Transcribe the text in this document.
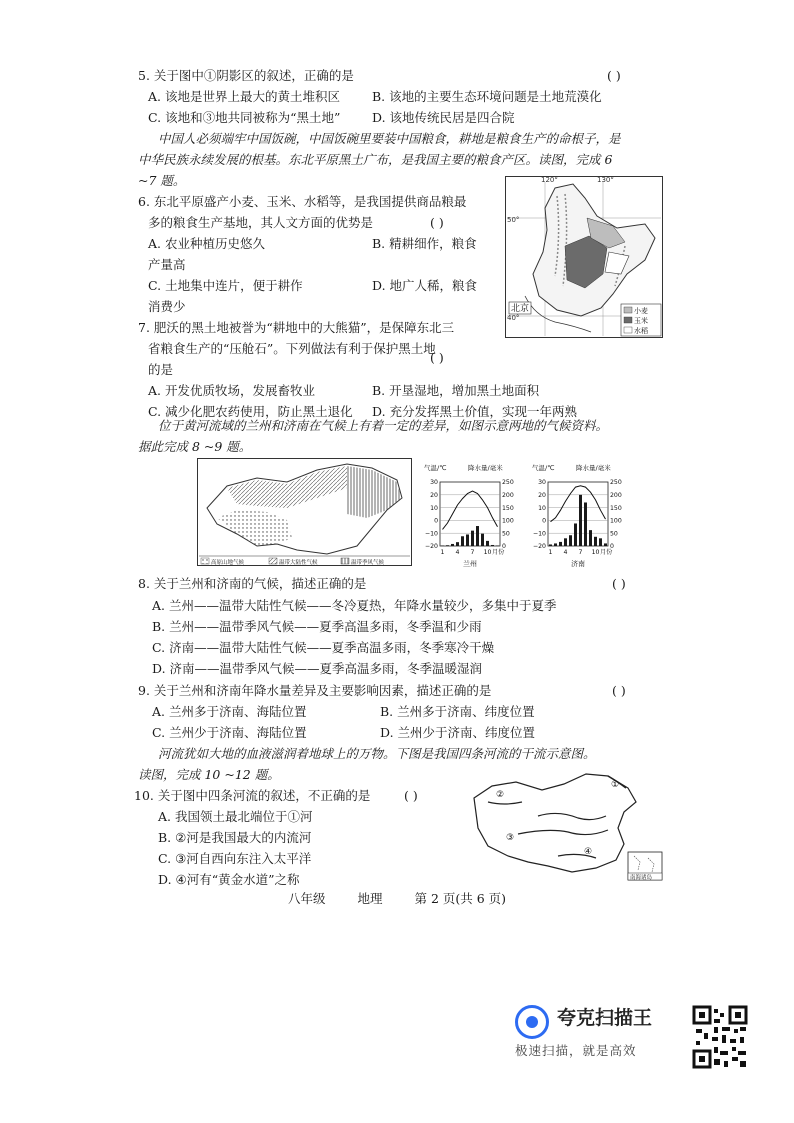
5. 关于图中①阴影区的叙述，正确的是	( )
A. 该地是世界上最大的黄土堆积区	B. 该地的主要生态环境问题是土地荒漠化
C. 该地和③地共同被称为“黑土地”	D. 该地传统民居是四合院
中国人必须端牢中国饭碗，中国饭碗里要装中国粮食，耕地是粮食生产的命根子，是
中华民族永续发展的根基。东北平原黑土广布，是我国主要的粮食产区。读图，完成 6
~7 题。
6. 东北平原盛产小麦、玉米、水稻等，是我国提供商品粮最
多的粮食生产基地，其人文方面的优势是	( )
A. 农业种植历史悠久	B. 精耕细作，粮食
产量高
C. 土地集中连片，便于耕作	D. 地广人稀，粮食
消费少
7. 肥沃的黑土地被誉为“耕地中的大熊猫”，是保障东北三
省粮食生产的“压舱石”。下列做法有利于保护黑土地
的是
( )
A. 开发优质牧场，发展畜牧业	B. 开垦湿地，增加黑土地面积
C. 减少化肥农药使用，防止黑土退化 D. 充分发挥黑土价值，实现一年两熟
120°	130°
50°
40°
北京	小麦
玉米
水稻
位于黄河流域的兰州和济南在气候上有着一定的差异，如图示意两地的气候资料。
据此完成 8 ~9 题。
高原山地气候	温带大陆性气候	温带季风气候
气温/℃	降水量/毫米
30
20
10
0
−10
−20
250
200
150
100
50
0
1 4 7 10 月份
兰州
气温/℃	降水量/毫米
30
20
10
0
−10
−20
250
200
150
100
50
0
1 4 7 10 月份
济南
8. 关于兰州和济南的气候，描述正确的是	( )
A. 兰州——温带大陆性气候——冬冷夏热，年降水量较少，多集中于夏季
B. 兰州——温带季风气候——夏季高温多雨，冬季温和少雨
C. 济南——温带大陆性气候——夏季高温多雨，冬季寒冷干燥
D. 济南——温带季风气候——夏季高温多雨，冬季温暖湿润
9. 关于兰州和济南年降水量差异及主要影响因素，描述正确的是	( )
A. 兰州多于济南、海陆位置	B. 兰州多于济南、纬度位置
C. 兰州少于济南、海陆位置	D. 兰州少于济南、纬度位置
河流犹如大地的血液滋润着地球上的万物。下图是我国四条河流的干流示意图。
读图，完成 10 ~12 题。
10. 关于图中四条河流的叙述，不正确的是	( )
A. 我国领土最北端位于①河
B. ②河是我国最大的内流河
C. ③河自西向东注入太平洋
D. ④河有“黄金水道”之称
①
②
③
④
南海诸岛
八年级	地理	第 2 页(共 6 页)
夸克扫描王
极速扫描，就是高效
